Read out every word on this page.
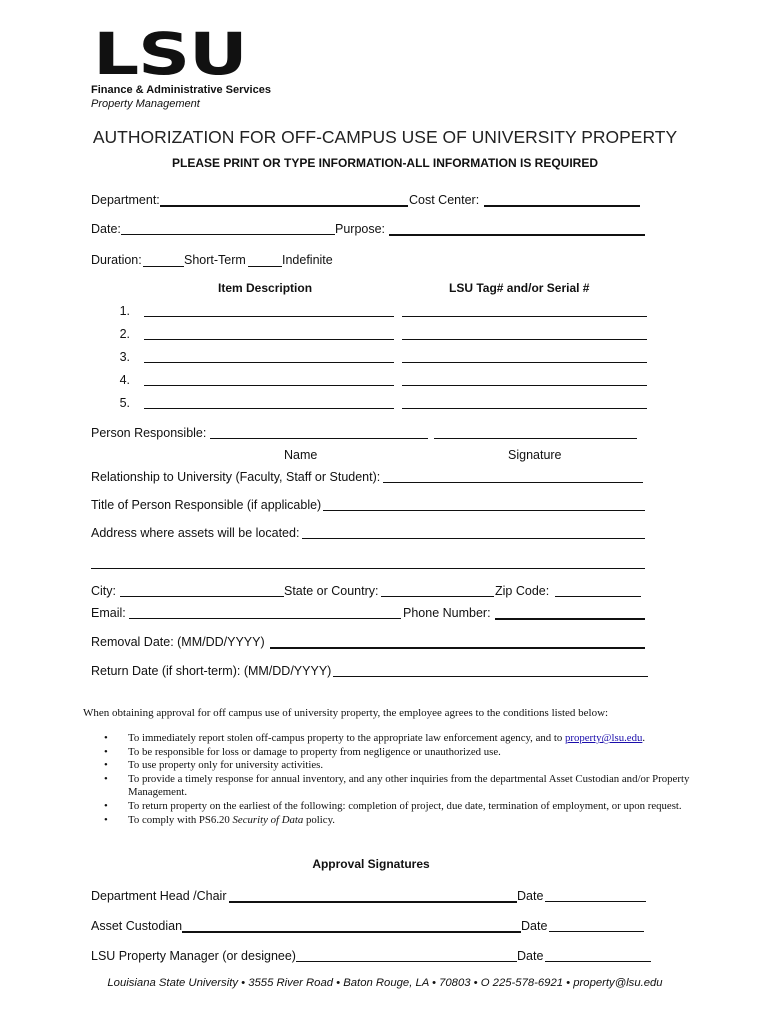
LSU
Finance & Administrative Services
Property Management
AUTHORIZATION FOR OFF-CAMPUS USE OF UNIVERSITY PROPERTY
PLEASE PRINT OR TYPE INFORMATION-ALL INFORMATION IS REQUIRED
Department:	Cost Center:
Date:	Purpose:
Duration:	Short-Term	Indefinite
Item Description	LSU Tag# and/or Serial #
1.
2.
3.
4.
5.
Person Responsible:
Name	Signature
Relationship to University (Faculty, Staff or Student):
Title of Person Responsible (if applicable)
Address where assets will be located:
City:	State or Country:	Zip Code:
Email:	Phone Number:
Removal Date: (MM/DD/YYYY)
Return Date (if short-term): (MM/DD/YYYY)
When obtaining approval for off campus use of university property, the employee agrees to the conditions listed below:
• To immediately report stolen off-campus property to the appropriate law enforcement agency, and to property@lsu.edu.
• To be responsible for loss or damage to property from negligence or unauthorized use.
• To use property only for university activities.
• To provide a timely response for annual inventory, and any other inquiries from the departmental Asset Custodian and/or Property Management.
• To return property on the earliest of the following: completion of project, due date, termination of employment, or upon request.
• To comply with PS6.20 Security of Data policy.
Approval Signatures
Department Head /Chair	Date
Asset Custodian	Date
LSU Property Manager (or designee)	Date
Louisiana State University • 3555 River Road • Baton Rouge, LA • 70803 • O 225-578-6921 • property@lsu.edu
